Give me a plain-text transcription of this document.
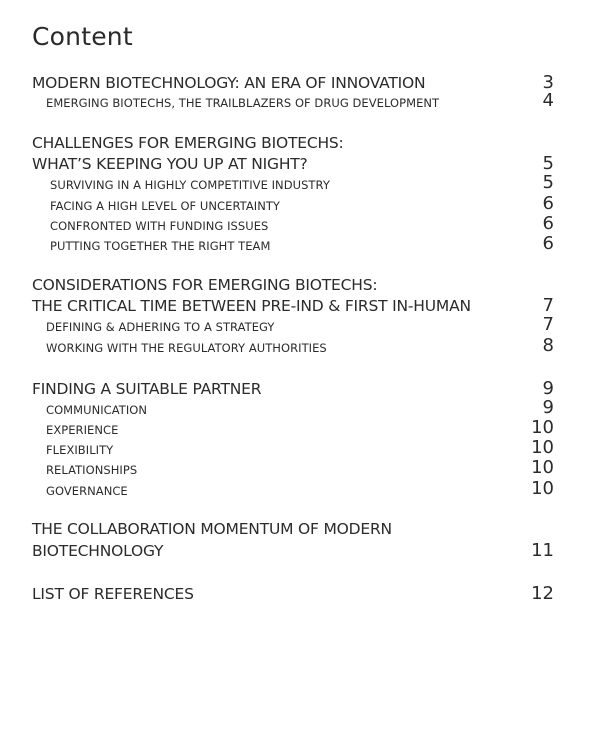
Content
MODERN BIOTECHNOLOGY: AN ERA OF INNOVATION	3
EMERGING BIOTECHS, THE TRAILBLAZERS OF DRUG DEVELOPMENT	4
CHALLENGES FOR EMERGING BIOTECHS:
WHAT’S KEEPING YOU UP AT NIGHT?	5
SURVIVING IN A HIGHLY COMPETITIVE INDUSTRY	5
FACING A HIGH LEVEL OF UNCERTAINTY	6
CONFRONTED WITH FUNDING ISSUES	6
PUTTING TOGETHER THE RIGHT TEAM	6
CONSIDERATIONS FOR EMERGING BIOTECHS:
THE CRITICAL TIME BETWEEN PRE-IND & FIRST IN-HUMAN	7
DEFINING & ADHERING TO A STRATEGY	7
WORKING WITH THE REGULATORY AUTHORITIES	8
FINDING A SUITABLE PARTNER	9
COMMUNICATION	9
EXPERIENCE	10
FLEXIBILITY	10
RELATIONSHIPS	10
GOVERNANCE	10
THE COLLABORATION MOMENTUM OF MODERN
BIOTECHNOLOGY	11
LIST OF REFERENCES	12
